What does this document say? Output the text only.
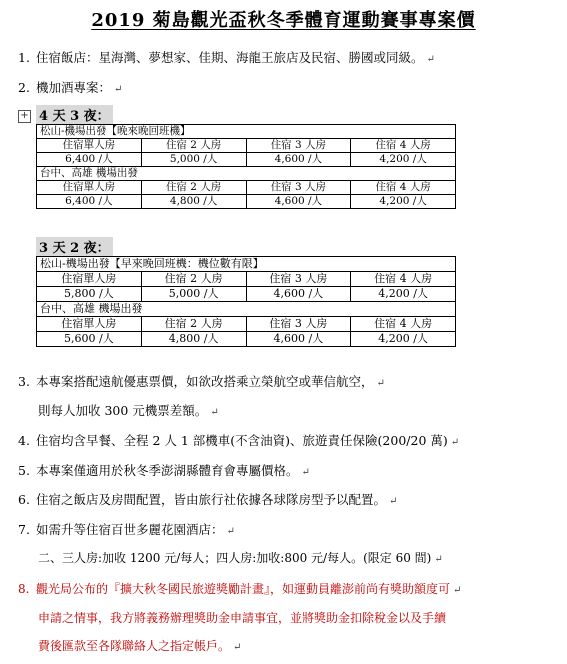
2019 菊島觀光盃秋冬季體育運動賽事專案價
1. 住宿飯店：星海灣、夢想家、佳期、海龍王旅店及民宿、勝國或同級。 ↵
2. 機加酒專案： ↵
+ 4 天 3 夜：
松山-機場出發【晚來晚回班機】			
住宿單人房	住宿 2 人房	住宿 3 人房	住宿 4 人房
6,400 /人	5,000 /人	4,600 /人	4,200 /人
台中、高雄 機場出發			
住宿單人房	住宿 2 人房	住宿 3 人房	住宿 4 人房
6,400 /人	4,800 /人	4,600 /人	4,200 /人
3 天 2 夜：
松山-機場出發【早來晚回班機：機位數有限】			
住宿單人房	住宿 2 人房	住宿 3 人房	住宿 4 人房
5,800 /人	5,000 /人	4,600 /人	4,200 /人
台中、高雄 機場出發			
住宿單人房	住宿 2 人房	住宿 3 人房	住宿 4 人房
5,600 /人	4,800 /人	4,600 /人	4,200 /人
3. 本專案搭配遠航優惠票價，如欲改搭乘立榮航空或華信航空， ↵
則每人加收 300 元機票差額。 ↵
4. 住宿均含早餐、全程 2 人 1 部機車(不含油資)、旅遊責任保險(200/20 萬) ↵
5. 本專案僅適用於秋冬季澎湖縣體育會專屬價格。 ↵
6. 住宿之飯店及房間配置，皆由旅行社依據各球隊房型予以配置。 ↵
7. 如需升等住宿百世多麗花園酒店： ↵
二、三人房:加收 1200 元/每人；四人房:加收:800 元/每人。(限定 60 間) ↵
8. 觀光局公布的『擴大秋冬國民旅遊獎勵計畫』，如運動員離澎前尚有獎助額度可 ↵
申請之情事，我方將義務辦理獎助金申請事宜，並將獎助金扣除稅金以及手續
費後匯款至各隊聯絡人之指定帳戶。 ↵
